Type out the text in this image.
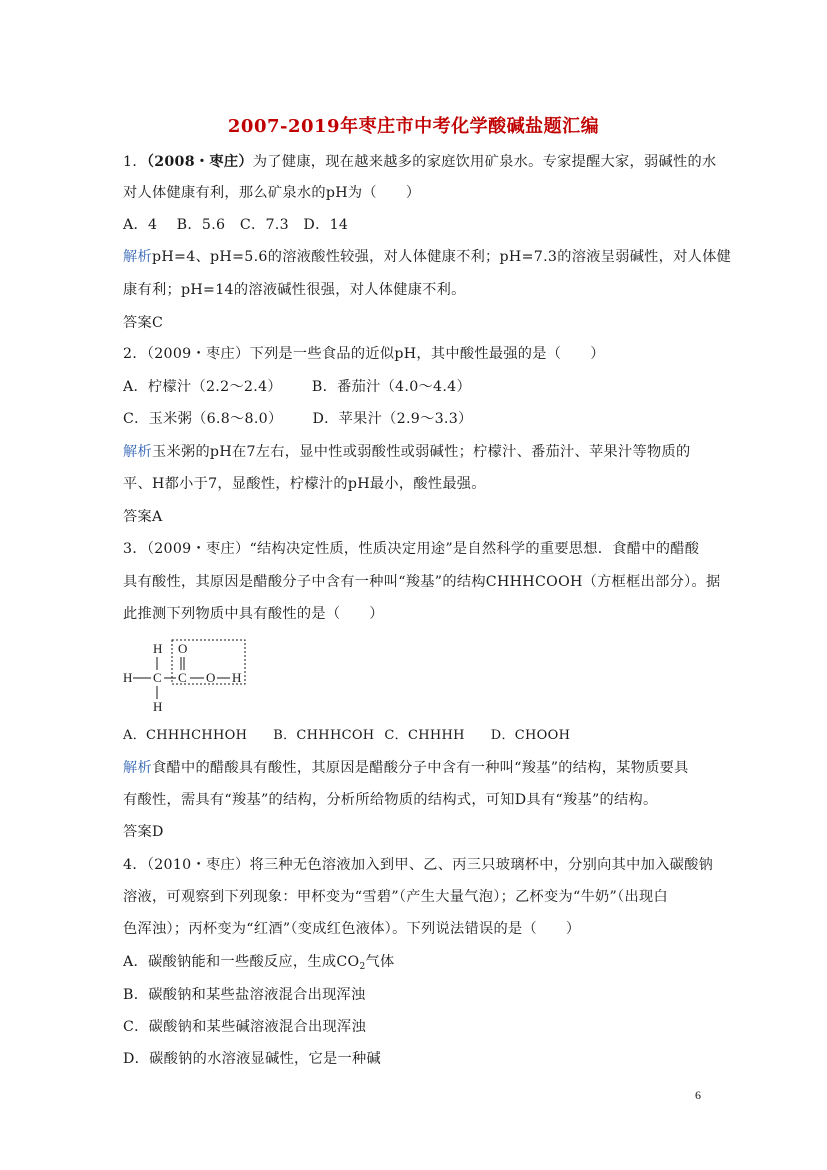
2007-2019年枣庄市中考化学酸碱盐题汇编
1．（2008・枣庄）为了健康，现在越来越多的家庭饮用矿泉水。专家提醒大家，弱碱性的水
对人体健康有利，那么矿泉水的pH为（　　）
A．4　 B．5.6　C．7.3　D．14
解析pH=4、pH=5.6的溶液酸性较强，对人体健康不利；pH=7.3的溶液呈弱碱性，对人体健
康有利；pH=14的溶液碱性很强，对人体健康不利。
答案C
2．（2009・枣庄）下列是一些食品的近似pH，其中酸性最强的是（　　）
A．柠檬汁（2.2～2.4） B．番茄汁（4.0～4.4）
C．玉米粥（6.8～8.0） D．苹果汁（2.9～3.3）
解析玉米粥的pH在7左右，显中性或弱酸性或弱碱性；柠檬汁、番茄汁、苹果汁等物质的
平、H都小于7，显酸性，柠檬汁的pH最小，酸性最强。
答案A
3．（2009・枣庄）“结构决定性质，性质决定用途”是自然科学的重要思想．食醋中的醋酸
具有酸性，其原因是醋酸分子中含有一种叫“羧基”的结构CHHHCOOH（方框框出部分）。据
此推测下列物质中具有酸性的是（　　）
H
H C C
O
O H
H
A．CHHHCHHOH B．CHHHCOH C．CHHHH D．CHOOH
解析食醋中的醋酸具有酸性，其原因是醋酸分子中含有一种叫“羧基”的结构，某物质要具
有酸性，需具有“羧基”的结构，分析所给物质的结构式，可知D具有“羧基”的结构。
答案D
4．（2010・枣庄）将三种无色溶液加入到甲、乙、丙三只玻璃杯中，分别向其中加入碳酸钠
溶液，可观察到下列现象：甲杯变为“雪碧”（产生大量气泡）；乙杯变为“牛奶”（出现白
色浑浊）；丙杯变为“红酒”（变成红色液体）。下列说法错误的是（　　）
A．碳酸钠能和一些酸反应，生成$CO_2$气体
B．碳酸钠和某些盐溶液混合出现浑浊
C．碳酸钠和某些碱溶液混合出现浑浊
D．碳酸钠的水溶液显碱性，它是一种碱
6
